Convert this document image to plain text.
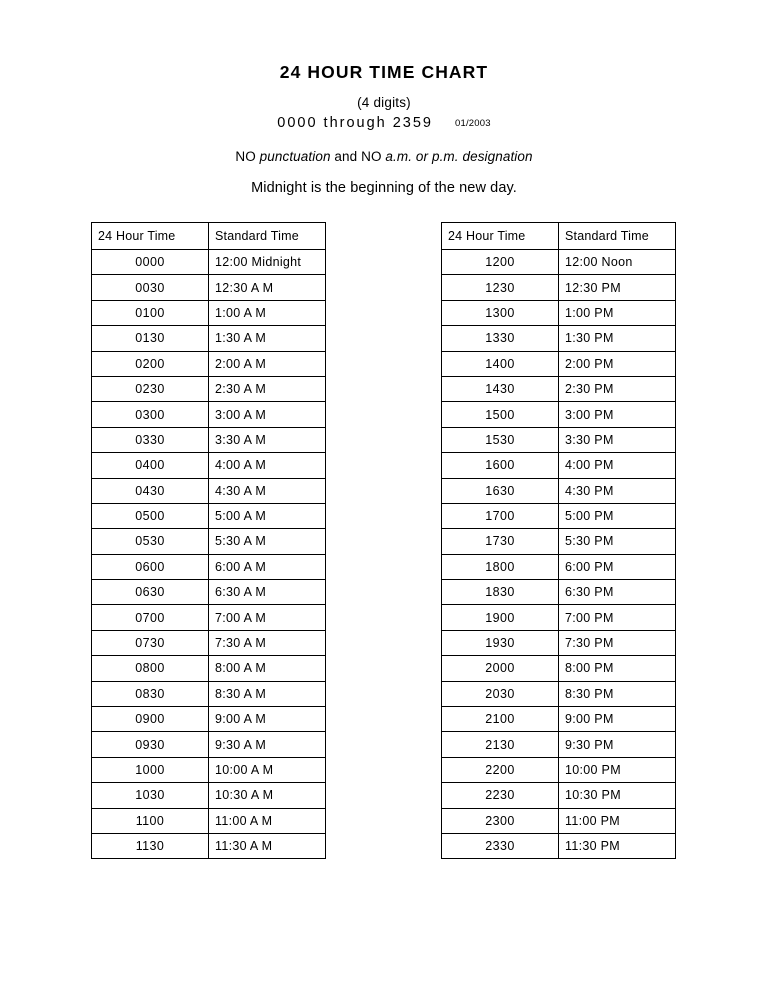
24 HOUR TIME CHART
(4 digits)
0000 through 2359 01/2003
NO punctuation and NO a.m. or p.m. designation
Midnight is the beginning of the new day.
24 Hour Time	Standard Time
0000	12:00 Midnight
0030	12:30 A M
0100	1:00 A M
0130	1:30 A M
0200	2:00 A M
0230	2:30 A M
0300	3:00 A M
0330	3:30 A M
0400	4:00 A M
0430	4:30 A M
0500	5:00 A M
0530	5:30 A M
0600	6:00 A M
0630	6:30 A M
0700	7:00 A M
0730	7:30 A M
0800	8:00 A M
0830	8:30 A M
0900	9:00 A M
0930	9:30 A M
1000	10:00 A M
1030	10:30 A M
1100	11:00 A M
1130	11:30 A M
24 Hour Time	Standard Time
1200	12:00 Noon
1230	12:30 PM
1300	1:00 PM
1330	1:30 PM
1400	2:00 PM
1430	2:30 PM
1500	3:00 PM
1530	3:30 PM
1600	4:00 PM
1630	4:30 PM
1700	5:00 PM
1730	5:30 PM
1800	6:00 PM
1830	6:30 PM
1900	7:00 PM
1930	7:30 PM
2000	8:00 PM
2030	8:30 PM
2100	9:00 PM
2130	9:30 PM
2200	10:00 PM
2230	10:30 PM
2300	11:00 PM
2330	11:30 PM
